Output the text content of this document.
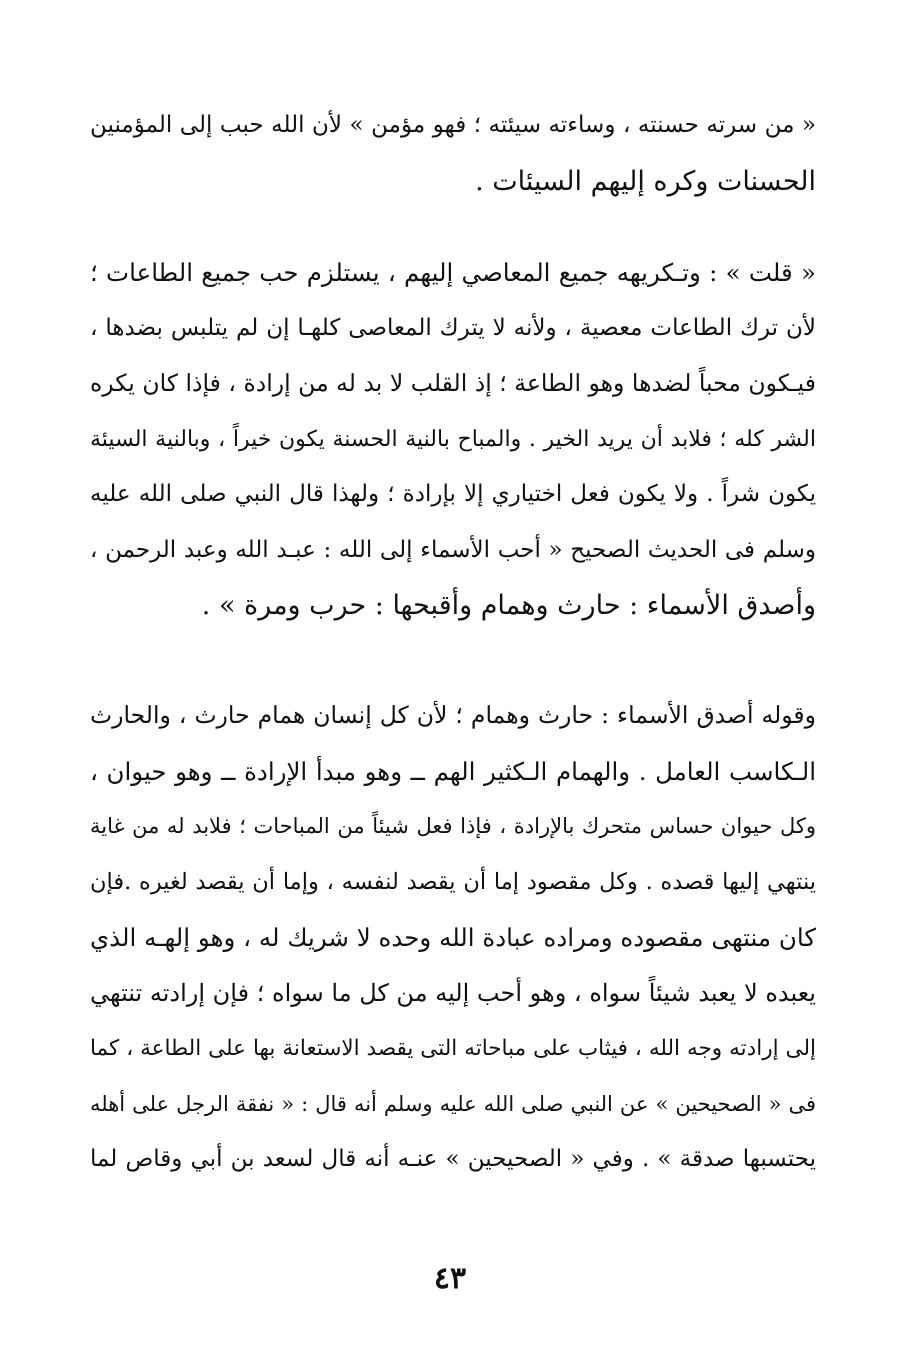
« من سرته حسنته ، وساءته سيئته ؛ فهو مؤمن » لأن الله حبب إلى المؤمنين
الحسنات وكره إليهم السيئات .
« قلت » : وتـكريهه جميع المعاصي إليهم ، يستلزم حب جميع الطاعات ؛
لأن ترك الطاعات معصية ، ولأنه لا يترك المعاصى كلهـا إن لم يتلبس بضدها ،
فيـكون محباً لضدها وهو الطاعة ؛ إذ القلب لا بد له من إرادة ، فإذا كان يكره
الشر كله ؛ فلابد أن يريد الخير . والمباح بالنية الحسنة يكون خيراً ، وبالنية السيئة
يكون شراً . ولا يكون فعل اختياري إلا بإرادة ؛ ولهذا قال النبي صلى الله عليه
وسلم فى الحديث الصحيح « أحب الأسماء إلى الله : عبـد الله وعبد الرحمن ،
وأصدق الأسماء : حارث وهمام وأقبحها : حرب ومرة » .
وقوله أصدق الأسماء : حارث وهمام ؛ لأن كل إنسان همام حارث ، والحارث
الـكاسب العامل . والهمام الـكثير الهم ــ وهو مبدأ الإرادة ــ وهو حيوان ،
وكل حيوان حساس متحرك بالإرادة ، فإذا فعل شيئاً من المباحات ؛ فلابد له من غاية
ينتهي إليها قصده . وكل مقصود إما أن يقصد لنفسه ، وإما أن يقصد لغيره .فإن
كان منتهى مقصوده ومراده عبادة الله وحده لا شريك له ، وهو إلهـه الذي
يعبده لا يعبد شيئاً سواه ، وهو أحب إليه من كل ما سواه ؛ فإن إرادته تنتهي
إلى إرادته وجه الله ، فيثاب على مباحاته التى يقصد الاستعانة بها على الطاعة ، كما
فى « الصحيحين » عن النبي صلى الله عليه وسلم أنه قال : « نفقة الرجل على أهله
يحتسبها صدقة » . وفي « الصحيحين » عنـه أنه قال لسعد بن أبي وقاص لما
٤٣
